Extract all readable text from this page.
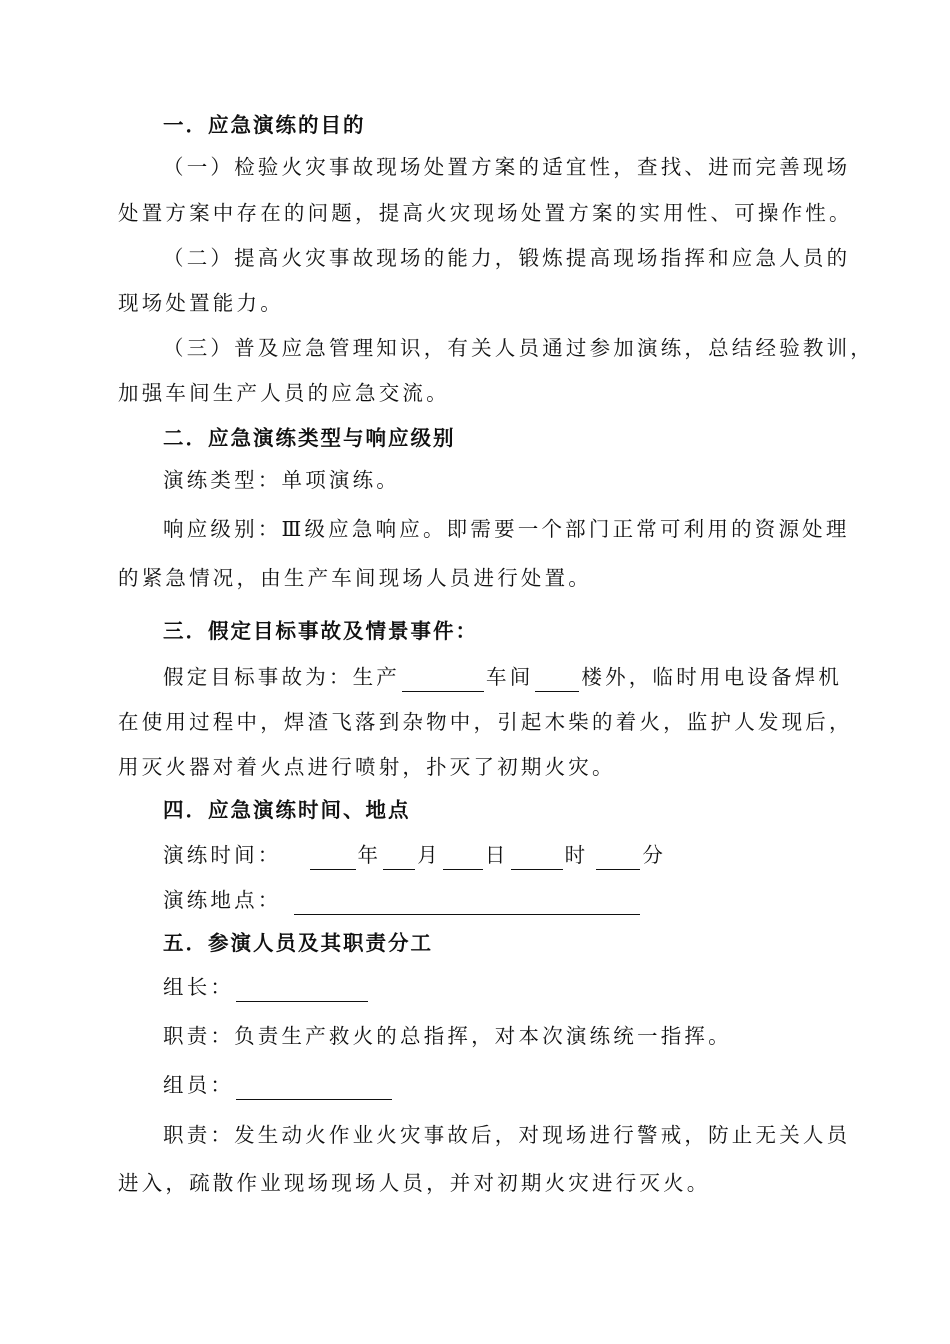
一．应急演练的目的
（一）检验火灾事故现场处置方案的适宜性，查找、进而完善现场
处置方案中存在的问题，提高火灾现场处置方案的实用性、可操作性。
（二）提高火灾事故现场的能力，锻炼提高现场指挥和应急人员的
现场处置能力。
（三）普及应急管理知识，有关人员通过参加演练，总结经验教训，
加强车间生产人员的应急交流。
二．应急演练类型与响应级别
演练类型：单项演练。
响应级别：Ⅲ级应急响应。即需要一个部门正常可利用的资源处理
的紧急情况，由生产车间现场人员进行处置。
三．假定目标事故及情景事件：
假定目标事故为：生产	车间 楼外，临时用电设备焊机
在使用过程中，焊渣飞落到杂物中，引起木柴的着火，监护人发现后，
用灭火器对着火点进行喷射，扑灭了初期火灾。
四．应急演练时间、地点
演练时间：	年 月 日	时	分
演练地点：
五．参演人员及其职责分工
组长：
职责：负责生产救火的总指挥，对本次演练统一指挥。
组员：
职责：发生动火作业火灾事故后，对现场进行警戒，防止无关人员
进入，疏散作业现场现场人员，并对初期火灾进行灭火。
